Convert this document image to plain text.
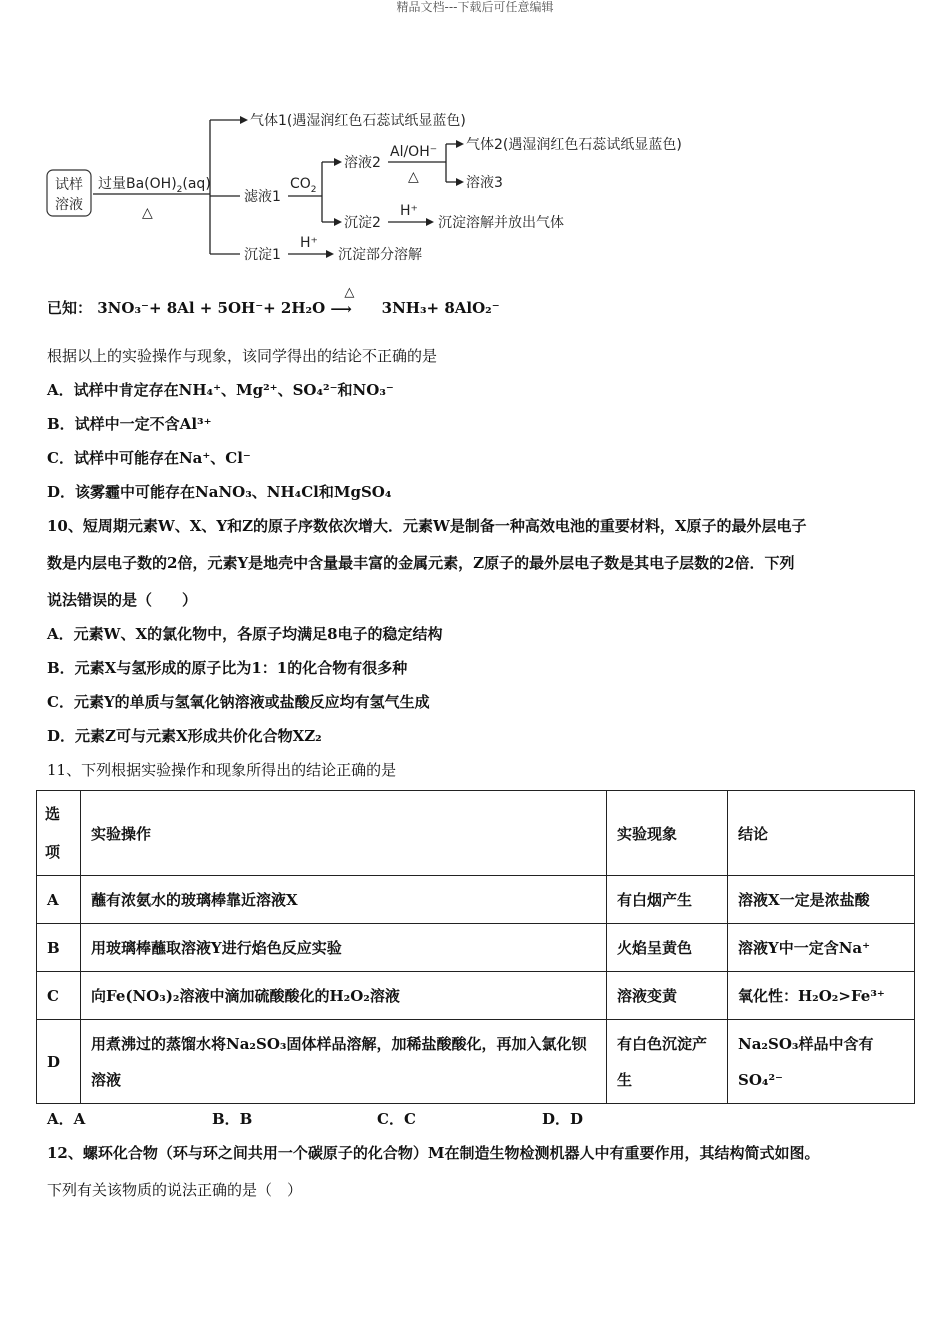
精品文档---下载后可任意编辑
试样
溶液
过量$Ba(OH)_2(aq)$
△
气体1(遇湿润红色石蕊试纸显蓝色)
滤液1
沉淀1
$CO_2$
溶液2
沉淀2
Al/OH⁻
△
气体2(遇湿润红色石蕊试纸显蓝色)
溶液3
H⁺
沉淀溶解并放出气体
H⁺
沉淀部分溶解
已知： 3NO₃⁻+ 8Al + 5OH⁻+ 2H₂O
△
⟶ 3NH₃+ 8AlO₂⁻
根据以上的实验操作与现象，该同学得出的结论不正确的是
A．试样中肯定存在NH₄⁺、Mg²⁺、SO₄²⁻和NO₃⁻
B．试样中一定不含Al³⁺
C．试样中可能存在Na⁺、Cl⁻
D．该雾霾中可能存在NaNO₃、NH₄Cl和MgSO₄
10、短周期元素W、X、Y和Z的原子序数依次增大．元素W是制备一种高效电池的重要材料，X原子的最外层电子
数是内层电子数的2倍，元素Y是地壳中含量最丰富的金属元素，Z原子的最外层电子数是其电子层数的2倍．下列
说法错误的是（　　）
A．元素W、X的氯化物中，各原子均满足8电子的稳定结构
B．元素X与氢形成的原子比为1：1的化合物有很多种
C．元素Y的单质与氢氧化钠溶液或盐酸反应均有氢气生成
D．元素Z可与元素X形成共价化合物XZ₂
11、下列根据实验操作和现象所得出的结论正确的是
选
项	实验操作	实验现象	结论
A	蘸有浓氨水的玻璃棒靠近溶液X	有白烟产生	溶液X一定是浓盐酸
B	用玻璃棒蘸取溶液Y进行焰色反应实验	火焰呈黄色	溶液Y中一定含Na⁺
C	向Fe(NO₃)₂溶液中滴加硫酸酸化的H₂O₂溶液	溶液变黄	氧化性：H₂O₂>Fe³⁺
D	用煮沸过的蒸馏水将Na₂SO₃固体样品溶解，加稀盐酸酸化，再加入氯化钡溶液	有白色沉淀产生	Na₂SO₃样品中含有SO₄²⁻
A．A	B．B	C．C	D．D
12、螺环化合物（环与环之间共用一个碳原子的化合物）M在制造生物检测机器人中有重要作用，其结构简式如图。
下列有关该物质的说法正确的是（　）
